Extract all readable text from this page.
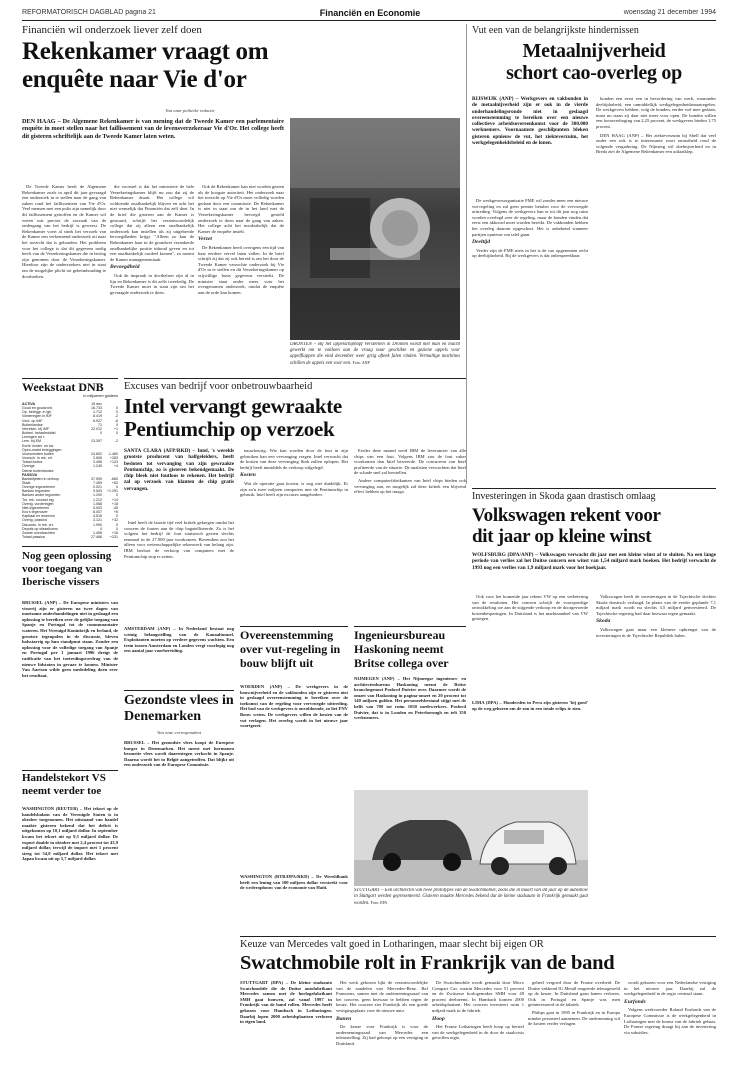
REFORMATORISCH DAGBLAD pagina 21	Financiën en Economie	woensdag 21 december 1994
Financiën wil onderzoek liever zelf doen
Rekenkamer vraagt om
enquête naar Vie d'or
Van onze politieke redactie
DEN HAAG – De Algemene Rekenkamer is van mening dat de Tweede Kamer een parlementaire enquête in moet stellen naar het faillissement van de levensverzekeraar Vie d'Or. Het college heeft dit gisteren schriftelijk aan de Tweede Kamer laten weten.

De Tweede Kamer heeft de Algemene Rekenkamer zoals in april dit jaar gevraagd een onderzoek in te stellen naar de gang van zaken rond het faillissement van Vie d'Or. Veel mensen met een polis zijn namelijk door dit faillissement getroffen en de Kamer wil weten wat precies de oorzaak van de ondergang van het bedrijf is geweest. De Rekenkamer voert al sinds het verzoek van de Kamer een verkennend onderzoek uit naar het toezicht dat is gehouden. Het probleem voor het college is dat dit gegevens nodig heeft van de Verzekeringskamer die in beslag zijn genomen door de Verzekeringskamer. Hierdoor zijn de onderzoekers niet in staat om de mogelijke plicht tot geheimhouding te doorbreken.

die voorstel is dat het ministerie de hele Verzekeringskamer blijft nu zou dat zij de Rekenkamer draait. Het college wil voldoende onafhankelijk blijven en acht het niet wenselijk dat Financiën dat zelf doet. In de brief die gisteren aan de Kamer is gestuurd, schrijft het verantwoordelijk college dat zij alleen een onafhankelijk onderzoek kan instellen als zij uitgebreide bevoegdheden krijgt. "Alleen zo kan de Rekenkamer haar in de grondwet verankerde onafhankelijke positie inhoud geven en tot een onafhankelijk oordeel komen", zo noemt de Kamer managementtaak.

Bevoegdheid

Ook de inspraak in docthelsen zijn al in lijn en Rekenkamer is dit zelfs tweeledig. De Tweede Kamer moet in staat zijn om het gevraagde onderzoek te doen.

Ook de Rekenkamer kan niet worden gezien als de hoogste autoriteit. Het onderzoek naar het toezicht op Vie d'Or moet volledig worden gedaan door een commissie. De Rekenkamer is niet in staat om de in het land met de Verzekeringskamer bevoegd gesteld onderzoek te doen naar de gang van zaken. Het college acht het noodzakelijk dat de Kamer de enquête instelt.

Verzet

De Rekenkamer heeft overigens een tijd van haar eerdere vervel laten vallen. In de brief schrijft zij dat zij ook bereid is om het door de Tweede Kamer verzochte onderzoek bij Vie d'Or in te stellen en dit Verzekeringskamer op vrijwillige basis gegevens verstrekt. De minister staat onder meer voor het overgenomen onderzoek, omdat de enquête aan de orde kan komen.

DRONTEN – Bij het appelschiphopf Versterken in Dronten wordt met man en macht gewerkt om te voldoen aan de vraag naar geschikte en geziene appels voor appelflappen die eind december weer grtig afteek falen vinden. Vermaltige machines schillen de appels een voor een. Foto: ANP
Vut een van de belangrijkste hindernissen
Metaalnijverheid
schort cao-overleg op
RIJSWIJK (ANP) – Werkgevers en vakbonden in de metaalnijverheid zijn er ook in de vierde onderhandelingsronde niet in geslaagd overeenstemming te bereiken over een nieuwe collectieve arbeidsovereenkomst voor de 300.000 werknemers. Voornaamste geschilpunten bleken gisteren opnieuw de vut, het ziekteverzuim, het werkgelegenheidsbeleid en de lonen.

De werkgeversorganisatie FME wil zonder meer een nieuwe vut-regeling en zal geen premie betalen voor de vervroegde uittreding. Volgens de werkgevers kan er tot dit jaar nog ruim worden overlegd over de regeling, maar de bonden vinden dat eerst een akkoord moet worden bereikt. De vakbonden hebben het overleg daarom opgeschort. Het is onbekend wanneer partijen opnieuw om tafel gaan.

Deeltijd

Verder zijn de FME niets in het is de cao opgenomen recht op deeltijdarbeid. Bij de werkgevers is dat onbespreekbaar.

bonden een eerst een in bevordering van werk, waaronder deeltijdarbeid, een onmiddellijk werkgelegenheidsmaatregelen. De werkgevers hebben, volg de bonden, eerder wel mee gedaan, maar nu staan zij daar niet meer voor open. De bonden willen een loonsverhoging van 2,25 procent, de werkgevers bieden 1,75 procent.

DEN HAAG (ANP) – Het ziekteverzuim bij Shell dat veel onder een ook is te interessante soort onrustheid rond de volgende vergadering. De Nijmeeg wil doelnijverheid en in Breda ziet de Algemene Rekenkamer een uitlaatklep.

Weekstaat DNB
in miljoenen guldens
ACTIVA	15 dec
Goud en goudvord.	16.733	0
Op. beleggr. in lgb	1.712	0
Vorderingen in BIF	8.419	-2
Vord. op IMF	6.927	-6
Buitenlandse	71	0
Verreken. bij IMF	22.012	+1
Buitenl. betaalmiddel.	0	0
Leningen ad r.
Lem. bij EM	13.397	-2
Korte Vorder. en kw
Open-markt beleggingen
Voorschotten buiten	24.602	-1.460
Voorsch. in rek. crt.	2.606	+283
Totaal Activa	3.456	+123
Overige	1.245	+4
Dienst buitenlandse
PASSIVA
Bankbiljetten in omloop	37.590	-660
Staat	7.459	+63
Overige ingezetenen	0.021	0
Banken tegoeden	9.543 +1.291
Banken ander tegoeden	1.200	0
Tot. rek. courant ing.	1.212	+14
Overig. vorderingen	1.068	+18
Niet-ingezetenen	5.003	-45
Ecu's tegenover	8.007	+6
Kapitaal en reserves	4.516	0
Overig. passiva	3.121	+32
Disconto. in rek. crt.	1.990	0
Depots op wisselkoers	0	0
Zwarte overdrachten	1.456	+16
Totaal passiva	27.466	+231
Nog geen oplossing voor toegang van Iberische vissers

BRUSSEL (ANP) – De Europese ministers van visserij zijn er gisteren na twee dagen van moeizame onderhandelingen niet in geslaagd een oplossing te bereiken over de gelijke toegang van Spanje en Portugal tot de communautaire wateren. Het Verenigd Koninkrijk en Ierland, de grootste tegenpolen in de discussie, bleven halsstarrig op hun standpunt staan. Zonder een oplossing voor de volledige toegang van Spanje en Portugal per 1 januari 1996 dreigt de ratificatie van het toetredingsverdrag van de nieuwe lidstaten in gevaar te komen. Minister Van Aartsen wilde geen mededeling doen over het resultaat.

Handelstekort VS neemt verder toe

WASHINGTON (REUTER) – Het tekort op de handelsbalans van de Verenigde Staten is in oktober toegenomen. Het uitstaand van handel maakte gisteren bekend dat het deficit is uitgekomen op 10,1 miljard dollar. In september kwam het tekort uit op 9,5 miljard dollar. De export daalde in oktober met 2,4 procent tot 43,9 miljard dollar, terwijl de import met 1 procent steeg tot 54,0 miljard dollar. Het tekort met Japan kwam uit op 5,7 miljard dollar.

Excuses van bedrijf voor onbetrouwbaarheid
Intel vervangt gewraakte
Pentiumchip op verzoek
SANTA CLARA (AFP/RKD) – Intel, 's werelds grootste producent van halfgeleiders, heeft besloten tot vervanging van zijn gewraakte Pentiumchip, zo is gisteren bekendgemaakt. De chip bleek niet foutloos te rekenen. Het bedrijf zal op verzoek van klanten de chip gratis vervangen.

Intel heeft de laatste tijd veel kritiek gekregen omdat het concern de fouten aan de chip bagatelliseerde. Zo is het volgens het bedrijf de fout statistisch gezien slechts eenmaal in de 27.000 jaar voorkomen. Bovendien zou het alleen voor wetenschappelijke rekenwerk van belang zijn. IBM besloot de verkoop van computers met de Pentiumchip stop te zetten.

nauwkeurig. Wie kan worden door de fout in zijn gebruiken kan een vervanging vragen. Intel verwacht dat de kosten van deze vervanging flink zullen oplopen. Het bedrijf heeft inmiddels de verkoop stilgelegd.

Kosten

Wat de operatie gaat kosten, is nog niet duidelijk. Er zijn zo'n twee miljoen computers met de Pentiumchip in gebruik. Intel heeft zijn excuses aangeboden.

Eerder deze maand werd IBM de leverancier van alle chips van een fout. Volgens IBM zou de fout vaker voorkomen dan Intel beweerde. De concurrent van Intel profiteerde van de situatie. De analisten verwachten dat Intel de schade snel zal herstellen.

Andere computerfabrikanten van Intel chips bieden ook vervanging aan, en mogelijk zal deze kritiek een blijvend effect hebben op het imago.

AMSTERDAM (ANP) – In Nederland bestaat nog weinig belangstelling van de Kanaaltunnel. Exploitanten moeten op verdere gegevens wachten. Een trein tussen Amsterdam en Londen vergt voorlopig nog een aantal jaar voorbereiding.

Gezondste vlees in Denemarken
Van onze correspondent

BRUSSEL – Het gezondste vlees koopt de Europese burger in Denemarken. Het meest met hormonen besmette vlees wordt daarentegen verkocht in Spanje. Daarna wordt het in België aangetroffen. Dat blijkt uit een onderzoek van de Europese Commissie.

Overeenstemming over vut-regeling in bouw blijft uit

WOERDEN (ANP) – De werkgevers in de bouwnijverheid en de vakbonden zijn er gisteren niet in geslaagd overeenstemming te bereiken over de toekomst van de regeling voor vervroegde uittreding. Het bod van de werkgevers is onvoldoende, zo liet FNV Bouw weten. De werkgevers willen de kosten van de vut verlagen. Het overleg wordt in het nieuwe jaar voortgezet.

WASHINGTON (RTR/DPA/RKD) – De Wereldbank heeft een lening van 100 miljoen dollar verstrekt voor de wederopbouw van de economie van Haïti.

Ingenieursbureau Haskoning neemt Britse collega over

NIJMEGEN (ANP) – Het Nijmeegse ingenieurs- en architectenbureau Haskoning neemt de Britse branchegenoot Posford Duivier over. Daarmee wordt de omzet van Haskoning in pagina-omzet en 20 procent tot 140 miljoen gulden. Het personeelsbestand stijgt met de helft van 700 tot ruim 1050 medewerkers. Posford Duivier, dat is in Londen en Peterborough en telt 350 werknemers.

LIMA (DPA) – Honderden in Peru zijn gisteren 'bij goed' op de weg geboren om de zon in een totale eclips te zien.

STUTTGART – Een architectin van twee prototypes van de Swatchmobile, zoals die in maart van dit jaar op de autoshow in Stuttgart werden gepresenteerd. Gisteren maakte Mercedes bekend dat de kleine stadsauto in Frankrijk gemaakt gaat worden. Foto: EPA
Investeringen in Skoda gaan drastisch omlaag
Volkswagen rekent voor
dit jaar op kleine winst
WOLFSBURG (DPA/ANP) – Volkswagen verwacht dit jaar met een kleine winst af te sluiten. Na een lange periode van verlies zal het Duitse concern een winst van 1,54 miljard mark boeken. Het bedrijf verwacht de 1993 nog een verlies van 1,9 miljard mark voor het boekjaar.

Ook voor het komende jaar rekent VW op een verbetering van de resultaten. Het concern schrijft de voorspoedige ontwikkeling toe aan de stijgende verkoop en de doorgevoerde kostenbesparingen. In Duitsland is het marktaandeel van VW gestegen.

Volkswagen heeft de investeringen in de Tsjechische dochter Skoda drastisch verlaagd. In plaats van de eerder geplande 7,1 miljard mark wordt nu slechts 3,5 miljard geïnvesteerd. De Tsjechische regering had daar bezwaar tegen gemaakt.

Skoda

Volkswagen gaat maar een kleinere opbrengst van de investeringen in de Tsjechische Republiek halen.

Keuze van Mercedes valt goed in Lotharingen, maar slecht bij eigen OR
Swatchmobile rolt in Frankrijk van de band

STUTTGART (DPA) – De kleine stadsauto Swatchmobile die de Duitse autofabrikant Mercedes samen met de horlogefabrikant SMH gaat bouwen, zal vanaf 1997 in Frankrijk van de band rollen. Mercedes heeft gekozen voor Hambach in Lotharingen. Daarbij lopen 2000 arbeidsplaatsen verloren in eigen land.

Het werk gekozen lijkt de verantwoordelijke van de aandelen van Mercedes-Benz. Raf Franssens, samen met de ondernemingsraad van het concern, geen bezwaar te hebben tegen de keuze. Het concern ziet Frankrijk als een goede vestigingsplaats voor de nieuwe auto.

Banen

De keuze voor Frankrijk is voor de ondernemingsraad van Mercedes een teleurstelling. Zij had gehoopt op een vestiging in Duitsland.

De Swatchmobile wordt gemaakt door Micro Compact Car, waarin Mercedes voor 51 procent en de Zwitserse horlogemaker SMH voor 49 procent deelneemt. In Hambach komen 2000 arbeidsplaatsen. Het concern investeert ruim 1 miljard mark in de fabriek.

Hoop

Het Franse Lotharingen heeft hoop op herstel van de werkgelegenheid in de door de staalcrisis getroffen regio.

geheel vergoed door de Franse overheid. De Duitse vakbond IG Metall reageerde teleurgesteld op de keuze. In Duitsland gaan banen verloren. Ook in Portugal en Spanje was men geïnteresseerd in de fabriek.

Philips gaat in 1995 in Frankrijk en in Europa minder personeel aannemen. De onderneming wil de kosten verder verlagen.

wordt gekozen voor een Nederlandse vestiging in het nieuwe jaar. Daarbij zal de werkgelegenheid in de regio centraal staan.

Eurfonds

Volgens werkvoerder Roland Eurfonds van de Europese Commissie is de werkgelegenheid in Lotharingen met de komst van de fabriek gebaat. De Franse regering draagt bij aan de investering via subsidies.
